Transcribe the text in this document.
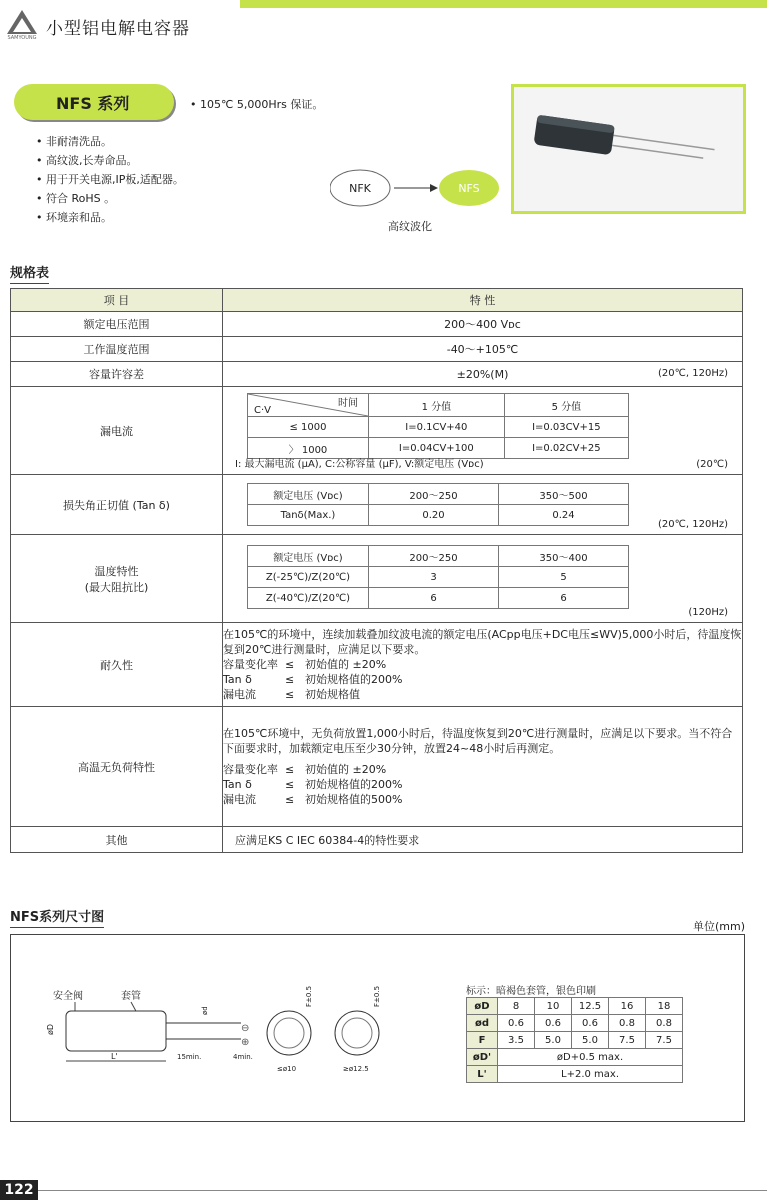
SAMYOUNG 小型铝电解电容器
NFS 系列	• 105℃ 5,000Hrs 保证。
• 非耐清洗品。
• 高纹波,长寿命品。
• 用于开关电源,IP板,适配器。
• 符合 RoHS 。
• 环境亲和品。
NFK	NFS
高纹波化
规格表
项 目	特 性
额定电压范围	200～400 Vᴅᴄ
工作温度范围	-40～+105℃
容量许容差	±20%(M)	(20℃, 120Hz)

漏电流	
时间
C·V	1 分值	5 分值
≤ 1000	I=0.1CV+40	I=0.03CV+15
〉 1000	I=0.04CV+100	I=0.02CV+25
I: 最大漏电流 (μA), C:公称容量 (μF), V:额定电压 (Vᴅᴄ)	(20℃)

损失角正切值 (Tan δ)	
额定电压 (Vᴅᴄ)	200～250	350～500
Tanδ(Max.)	0.20	0.24
(20℃, 120Hz)

温度特性
(最大阻抗比)

额定电压 (Vᴅᴄ)	200～250	350～400
Z(-25℃)/Z(20℃)	3	5
Z(-40℃)/Z(20℃)	6	6
(120Hz)

耐久性	
在105℃的环境中，连续加载叠加纹波电流的额定电压(ACpp电压+DC电压≤WV)5,000小时后，待温度恢复到20℃进行测量时，应满足以下要求。
容量变化率 ≤ 初始值的 ±20%
Tan δ	≤ 初始规格值的200%
漏电流	≤ 初始规格值

高温无负荷特性	
在105℃环境中，无负荷放置1,000小时后，待温度恢复到20℃进行测量时，应满足以下要求。当不符合下面要求时，加载额定电压至少30分钟，放置24~48小时后再测定。
容量变化率 ≤ 初始值的 ±20%
Tan δ	≤ 初始规格值的200%
漏电流	≤ 初始规格值的500%

其他	应满足KS C IEC 60384-4的特性要求
NFS系列尺寸图
单位(mm)
安全阀	套管
øD
L'	15min.	4min.
ød
⊖
⊕
≤ø10	≥ø12.5
F±0.5	F±0.5	标示：暗褐色套管，银色印刷
øD	8	10	12.5	16	18
ød	0.6	0.6	0.6	0.8	0.8
F	3.5	5.0	5.0	7.5	7.5
øD'	øD+0.5 max.				
L'	L+2.0 max.				
122
